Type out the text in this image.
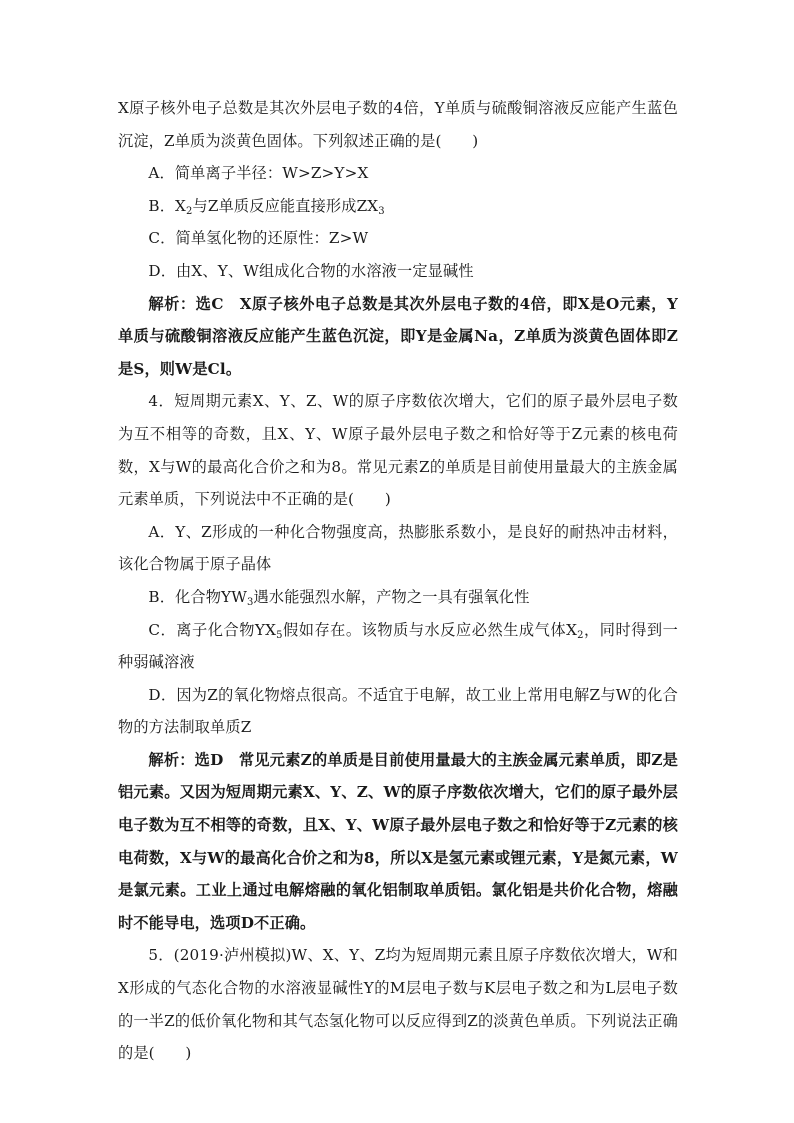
X原子核外电子总数是其次外层电子数的4倍，Y单质与硫酸铜溶液反应能产生蓝色沉淀，Z单质为淡黄色固体。下列叙述正确的是(　　)

A．简单离子半径：W>Z>Y>X

B．$X_2$与Z单质反应能直接形成$ZX_3$

C．简单氢化物的还原性：Z>W

D．由X、Y、W组成化合物的水溶液一定显碱性

解析：选C　X原子核外电子总数是其次外层电子数的4倍，即X是O元素，Y单质与硫酸铜溶液反应能产生蓝色沉淀，即Y是金属Na，Z单质为淡黄色固体即Z是S，则W是Cl。

4．短周期元素X、Y、Z、W的原子序数依次增大，它们的原子最外层电子数为互不相等的奇数，且X、Y、W原子最外层电子数之和恰好等于Z元素的核电荷数，X与W的最高化合价之和为8。常见元素Z的单质是目前使用量最大的主族金属元素单质，下列说法中不正确的是(　　)

A．Y、Z形成的一种化合物强度高，热膨胀系数小，是良好的耐热冲击材料，该化合物属于原子晶体

B．化合物$YW_3$遇水能强烈水解，产物之一具有强氧化性

C．离子化合物$YX_5$假如存在。该物质与水反应必然生成气体$X_2$，同时得到一种弱碱溶液

D．因为Z的氧化物熔点很高。不适宜于电解，故工业上常用电解Z与W的化合物的方法制取单质Z

解析：选D　常见元素Z的单质是目前使用量最大的主族金属元素单质，即Z是铝元素。又因为短周期元素X、Y、Z、W的原子序数依次增大，它们的原子最外层电子数为互不相等的奇数，且X、Y、W原子最外层电子数之和恰好等于Z元素的核电荷数，X与W的最高化合价之和为8，所以X是氢元素或锂元素，Y是氮元素，W是氯元素。工业上通过电解熔融的氧化铝制取单质铝。氯化铝是共价化合物，熔融时不能导电，选项D不正确。

5．(2019·泸州模拟)W、X、Y、Z均为短周期元素且原子序数依次增大，W和X形成的气态化合物的水溶液显碱性Y的M层电子数与K层电子数之和为L层电子数的一半Z的低价氧化物和其气态氢化物可以反应得到Z的淡黄色单质。下列说法正确的是(　　)
